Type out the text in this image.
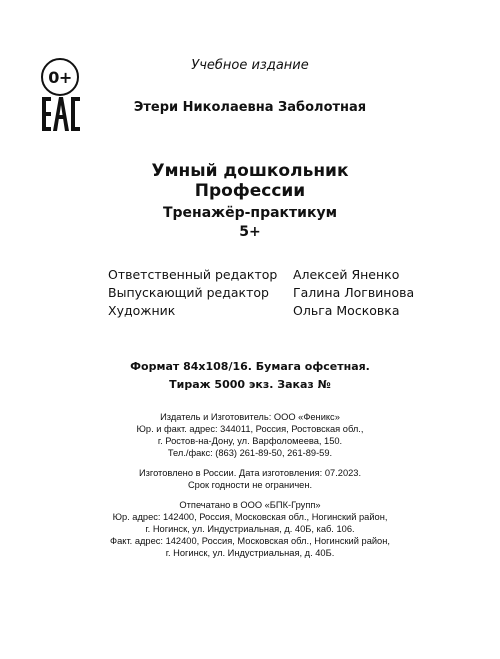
0+
Учебное издание
Этери Николаевна Заболотная
Умный дошкольник
Профессии
Тренажёр-практикум
5+
Ответственный редактор	Алексей Яненко
Выпускающий редактор	Галина Логвинова
Художник	Ольга Московка
Формат 84x108/16. Бумага офсетная.
Тираж 5000 экз. Заказ №
Издатель и Изготовитель: ООО «Феникс»
Юр. и факт. адрес: 344011, Россия, Ростовская обл.,
г. Ростов-на-Дону, ул. Варфоломеева, 150.
Тел./факс: (863) 261-89-50, 261-89-59.
Изготовлено в России. Дата изготовления: 07.2023.
Срок годности не ограничен.
Отпечатано в ООО «БПК-Групп»
Юр. адрес: 142400, Россия, Московская обл., Ногинский район,
г. Ногинск, ул. Индустриальная, д. 40Б, каб. 106.
Факт. адрес: 142400, Россия, Московская обл., Ногинский район,
г. Ногинск, ул. Индустриальная, д. 40Б.
